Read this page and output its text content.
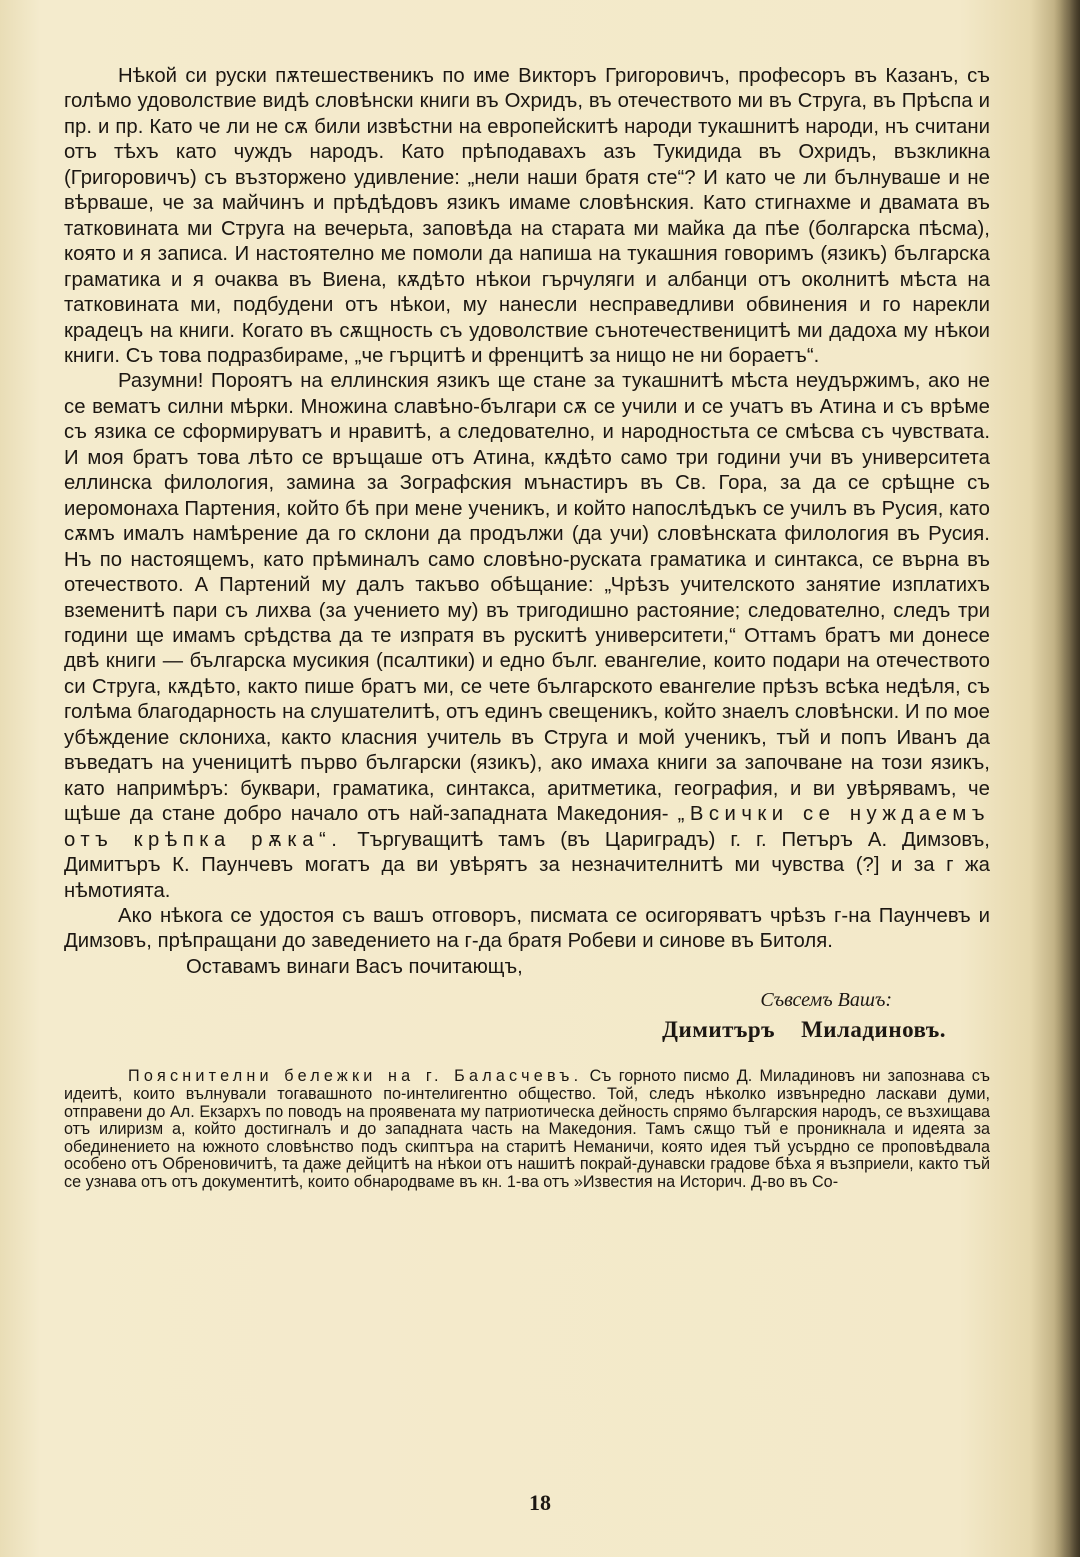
Нѣкой си руски пѫтешественикъ по име Викторъ Григоровичъ, професоръ въ Казанъ, съ голѣмо удоволствие видѣ словѣнски книги въ Охридъ, въ отечеството ми въ Струга, въ Прѣспа и пр. и пр. Като че ли не сѫ били извѣстни на европейскитѣ народи тукашнитѣ народи, нъ считани отъ тѣхъ като чуждъ народъ. Като прѣподавахъ азъ Тукидида въ Охридъ, възкликна (Григоровичъ) съ възторжено удивление: „нели наши братя сте“? И като че ли бълнуваше и не вѣрваше, че за майчинъ и прѣдѣдовъ язикъ имаме словѣнския. Като стигнахме и двамата въ татковината ми Струга на вечерьта, заповѣда на старата ми майка да пѣе (болгарска пѣсма), която и я записа. И настоятелно ме помоли да напиша на тукашния говоримъ (язикъ) българска граматика и я очаква въ Виена, кѫдѣто нѣкои гърчуляги и албанци отъ околнитѣ мѣста на татковината ми, подбудени отъ нѣкои, му нанесли несправедливи обвинения и го нарекли крадецъ на книги. Когато въ сѫщность съ удоволствие сънотечественицитѣ ми дадоха му нѣкои книги. Съ това подразбираме, „че гърцитѣ и френцитѣ за нищо не ни бораетъ“.

Разумни! Пороятъ на еллинския язикъ ще стане за тукашнитѣ мѣста неудържимъ, ако не се вематъ силни мѣрки. Множина славѣно-българи сѫ се учили и се учатъ въ Атина и съ врѣме съ язика се сформируватъ и нравитѣ, а следователно, и народностьта се смѣсва съ чувствата. И моя братъ това лѣто се връщаше отъ Атина, кѫдѣто само три години учи въ университета еллинска филология, замина за Зографския мънастиръ въ Св. Гора, за да се срѣщне съ иеромонаха Партения, който бѣ при мене ученикъ, и който напослѣдъкъ се училъ въ Русия, като сѫмъ ималъ намѣрение да го склони да продължи (да учи) словѣнската филология въ Русия. Нъ по настоящемъ, като прѣминалъ само словѣно-руската граматика и синтакса, се върна въ отечеството. А Партений му далъ такъво обѣщание: „Чрѣзъ учителското занятие изплатихъ вземенитѣ пари съ лихва (за учението му) въ тригодишно растояние; следователно, следъ три години ще имамъ срѣдства да те изпратя въ рускитѣ университети,“ Оттамъ братъ ми донесе двѣ книги — българска мусикия (псалтики) и едно бълг. евангелие, които подари на отечеството си Струга, кѫдѣто, както пише братъ ми, се чете българското евангелие прѣзъ всѣка недѣля, съ голѣма благодарность на слушателитѣ, отъ единъ свещеникъ, който знаелъ словѣнски. И по мое убѣждение склониха, както класния учитель въ Струга и мой ученикъ, тъй и попъ Иванъ да въведатъ на ученицитѣ първо български (язикъ), ако имаха книги за започване на този язикъ, като напримѣръ: буквари, граматика, синтакса, аритметика, география, и ви увѣрявамъ, че щѣше да стане добро начало отъ най-западната Македония- „Всички се нуждаемъ отъ крѣпка рѫка“. Търгуващитѣ тамъ (въ Цариградъ) г. г. Петъръ А. Димзовъ, Димитъръ К. Паунчевъ могатъ да ви увѣрятъ за незначителнитѣ ми чувства (?] и за г жа нѣмотията.

Ако нѣкога се удостоя съ вашъ отговоръ, писмата се осигоряватъ чрѣзъ г-на Паунчевъ и Димзовъ, прѣпращани до заведението на г-да братя Робеви и синове въ Битоля.

Оставамъ винаги Васъ почитающъ,

Съвсемъ Вашъ:
Димитъръ Миладиновъ.
Пояснителни бележки на г. Баласчевъ. Съ горното писмо Д. Миладиновъ ни запознава съ идеитѣ, които вълнували тогавашното по-интелигентно общество. Той, следъ нѣколко извънредно ласкави думи, отправени до Ал. Екзархъ по поводъ на проявената му патриотическа дейность спрямо българския народъ, се възхищава отъ илиризм а, който достигналъ и до западната часть на Македония. Тамъ сѫщо тъй е проникнала и идеята за обединението на южното словѣнство подъ скиптъра на старитѣ Неманичи, която идея тъй усърдно се проповѣдвала особено отъ Обреновичитѣ, та даже дейцитѣ на нѣкои отъ нашитѣ покрай-дунавски градове бѣха я възприели, както тъй се узнава отъ отъ документитѣ, които обнародваме въ кн. 1-ва отъ »Известия на Историч. Д-во въ Со-
18
